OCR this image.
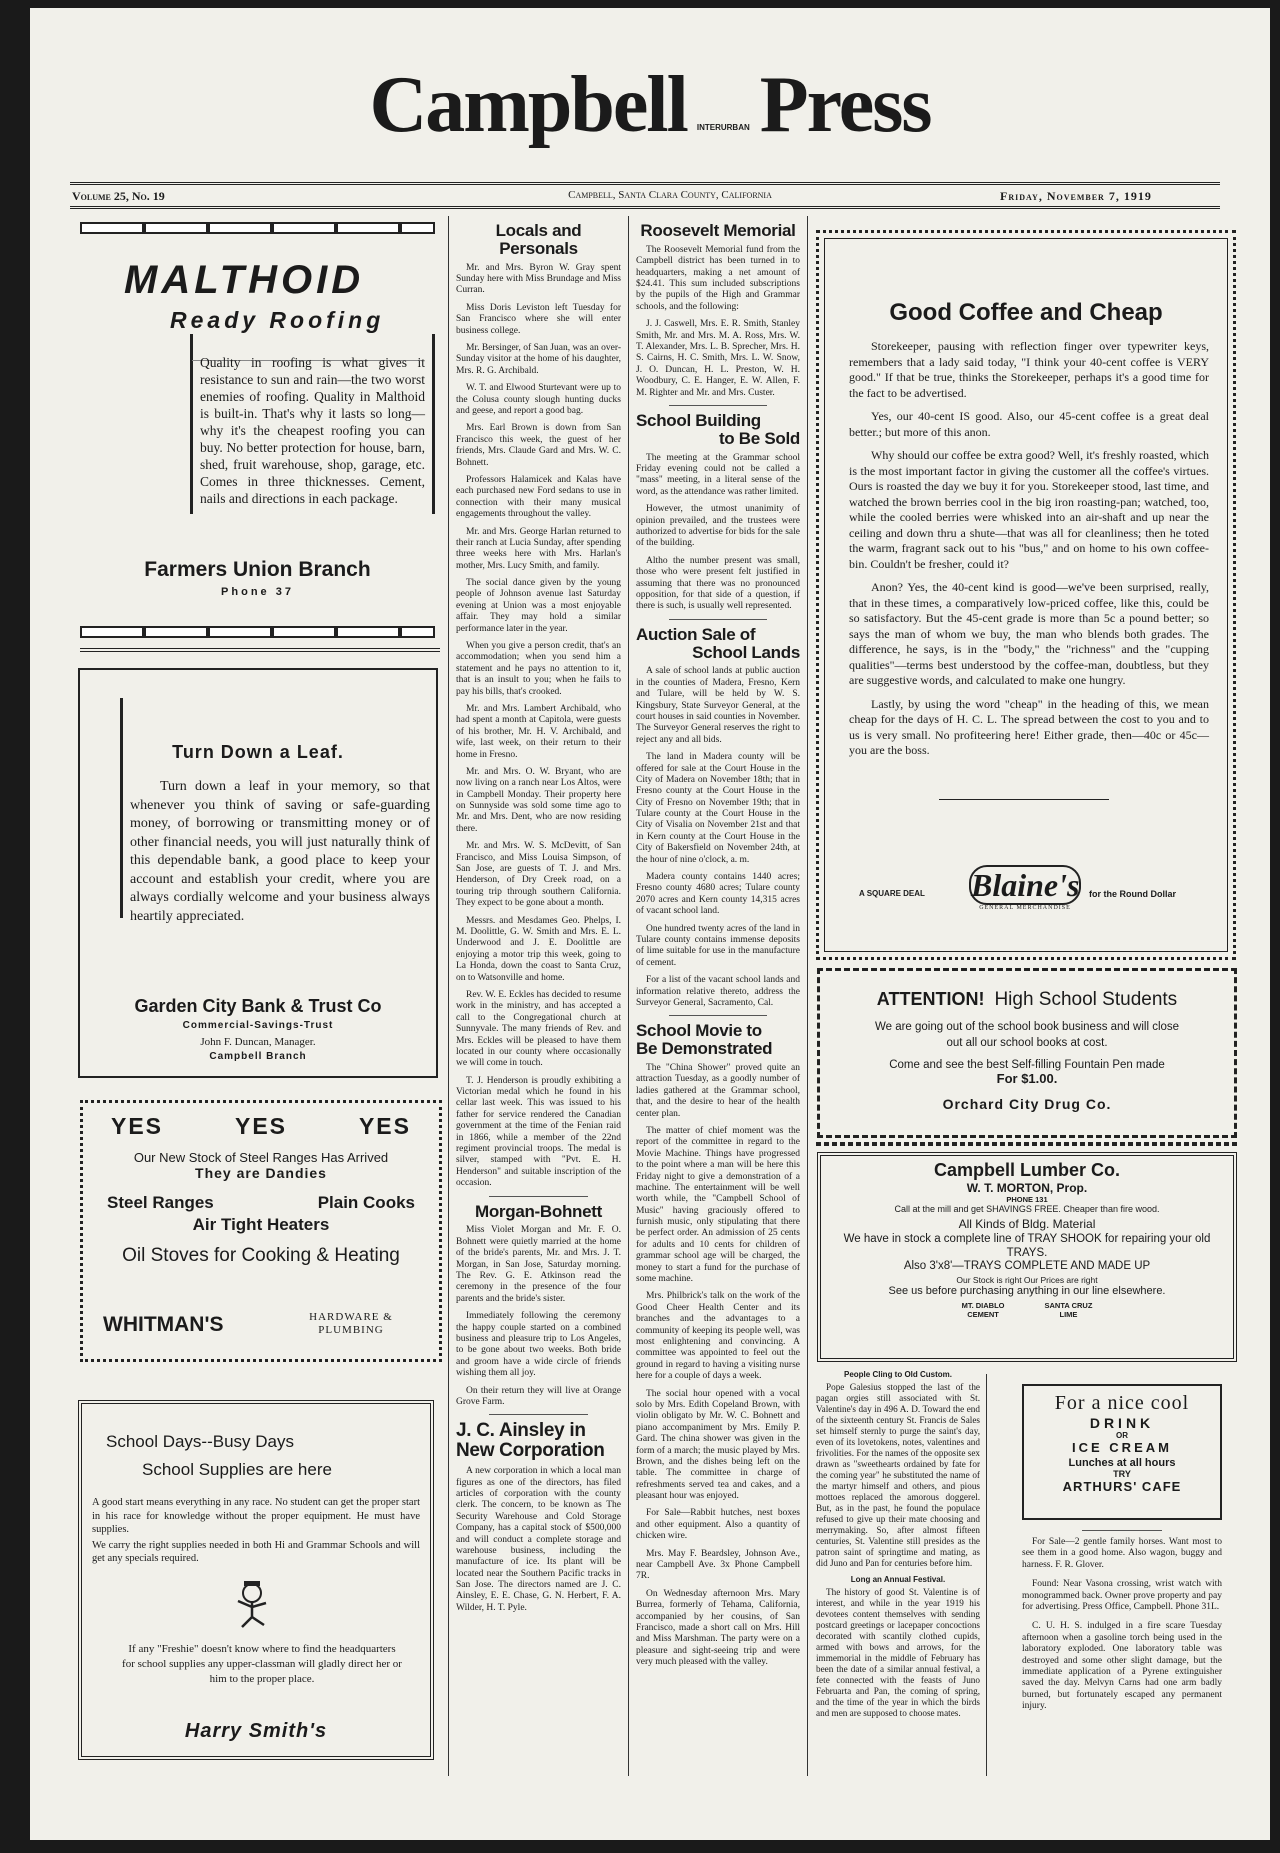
Campbell INTERURBAN Press
Volume 25, No. 19	Campbell, Santa Clara County, California	Friday, November 7, 1919
MALTHOID
Ready Roofing
Quality in roofing is what gives it resistance to sun and rain—the two worst enemies of roofing. Quality in Malthoid is built-in. That's why it lasts so long—why it's the cheapest roofing you can buy. No better protection for house, barn, shed, fruit warehouse, shop, garage, etc. Comes in three thicknesses. Cement, nails and directions in each package.
Farmers Union Branch
Phone 37
Turn Down a Leaf.
Turn down a leaf in your memory, so that whenever you think of saving or safe-guarding money, of borrowing or transmitting money or of other financial needs, you will just naturally think of this dependable bank, a good place to keep your account and establish your credit, where you are always cordially welcome and your business always heartily appreciated.
Garden City Bank & Trust Co
Commercial-Savings-Trust
John F. Duncan, Manager.
Campbell Branch
YES	YES	YES
Our New Stock of Steel Ranges Has Arrived
They are Dandies
Steel Ranges	Plain Cooks
Air Tight Heaters
Oil Stoves for Cooking & Heating
WHITMAN'S	HARDWARE & PLUMBING
School Days--Busy Days
School Supplies are here
A good start means everything in any race. No student can get the proper start in his race for knowledge without the proper equipment. He must have supplies.
We carry the right supplies needed in both Hi and Grammar Schools and will get any specials required.
If any "Freshie" doesn't know where to find the headquarters for school supplies any upper-classman will gladly direct her or him to the proper place.
Harry Smith's
Locals and Personals

Mr. and Mrs. Byron W. Gray spent Sunday here with Miss Brundage and Miss Curran.

Miss Doris Leviston left Tuesday for San Francisco where she will enter business college.

Mr. Bersinger, of San Juan, was an over-Sunday visitor at the home of his daughter, Mrs. R. G. Archibald.

W. T. and Elwood Sturtevant were up to the Colusa county slough hunting ducks and geese, and report a good bag.

Mrs. Earl Brown is down from San Francisco this week, the guest of her friends, Mrs. Claude Gard and Mrs. W. C. Bohnett.

Professors Halamicek and Kalas have each purchased new Ford sedans to use in connection with their many musical engagements throughout the valley.

Mr. and Mrs. George Harlan returned to their ranch at Lucia Sunday, after spending three weeks here with Mrs. Harlan's mother, Mrs. Lucy Smith, and family.

The social dance given by the young people of Johnson avenue last Saturday evening at Union was a most enjoyable affair. They may hold a similar performance later in the year.

When you give a person credit, that's an accommodation; when you send him a statement and he pays no attention to it, that is an insult to you; when he fails to pay his bills, that's crooked.

Mr. and Mrs. Lambert Archibald, who had spent a month at Capitola, were guests of his brother, Mr. H. V. Archibald, and wife, last week, on their return to their home in Fresno.

Mr. and Mrs. O. W. Bryant, who are now living on a ranch near Los Altos, were in Campbell Monday. Their property here on Sunnyside was sold some time ago to Mr. and Mrs. Dent, who are now residing there.

Mr. and Mrs. W. S. McDevitt, of San Francisco, and Miss Louisa Simpson, of San Jose, are guests of T. J. and Mrs. Henderson, of Dry Creek road, on a touring trip through southern California. They expect to be gone about a month.

Messrs. and Mesdames Geo. Phelps, I. M. Doolittle, G. W. Smith and Mrs. E. L. Underwood and J. E. Doolittle are enjoying a motor trip this week, going to La Honda, down the coast to Santa Cruz, on to Watsonville and home.

Rev. W. E. Eckles has decided to resume work in the ministry, and has accepted a call to the Congregational church at Sunnyvale. The many friends of Rev. and Mrs. Eckles will be pleased to have them located in our county where occasionally we will come in touch.

T. J. Henderson is proudly exhibiting a Victorian medal which he found in his cellar last week. This was issued to his father for service rendered the Canadian government at the time of the Fenian raid in 1866, while a member of the 22nd regiment provincial troops. The medal is silver, stamped with "Pvt. E. H. Henderson" and suitable inscription of the occasion.

Morgan-Bohnett

Miss Violet Morgan and Mr. F. O. Bohnett were quietly married at the home of the bride's parents, Mr. and Mrs. J. T. Morgan, in San Jose, Saturday morning. The Rev. G. E. Atkinson read the ceremony in the presence of the four parents and the bride's sister.

Immediately following the ceremony the happy couple started on a combined business and pleasure trip to Los Angeles, to be gone about two weeks. Both bride and groom have a wide circle of friends wishing them all joy.

On their return they will live at Orange Grove Farm.

J. C. Ainsley in New Corporation

A new corporation in which a local man figures as one of the directors, has filed articles of corporation with the county clerk. The concern, to be known as The Security Warehouse and Cold Storage Company, has a capital stock of $500,000 and will conduct a complete storage and warehouse business, including the manufacture of ice. Its plant will be located near the Southern Pacific tracks in San Jose. The directors named are J. C. Ainsley, E. E. Chase, G. N. Herbert, F. A. Wilder, H. T. Pyle.

Roosevelt Memorial

The Roosevelt Memorial fund from the Campbell district has been turned in to headquarters, making a net amount of $24.41. This sum included subscriptions by the pupils of the High and Grammar schools, and the following:

J. J. Caswell, Mrs. E. R. Smith, Stanley Smith, Mr. and Mrs. M. A. Ross, Mrs. W. T. Alexander, Mrs. L. B. Sprecher, Mrs. H. S. Cairns, H. C. Smith, Mrs. L. W. Snow, J. O. Duncan, H. L. Preston, W. H. Woodbury, C. E. Hanger, E. W. Allen, F. M. Righter and Mr. and Mrs. Custer.

School Building
to Be Sold

The meeting at the Grammar school Friday evening could not be called a "mass" meeting, in a literal sense of the word, as the attendance was rather limited.

However, the utmost unanimity of opinion prevailed, and the trustees were authorized to advertise for bids for the sale of the building.

Altho the number present was small, those who were present felt justified in assuming that there was no pronounced opposition, for that side of a question, if there is such, is usually well represented.

Auction Sale of
School Lands

A sale of school lands at public auction in the counties of Madera, Fresno, Kern and Tulare, will be held by W. S. Kingsbury, State Surveyor General, at the court houses in said counties in November. The Surveyor General reserves the right to reject any and all bids.

The land in Madera county will be offered for sale at the Court House in the City of Madera on November 18th; that in Fresno county at the Court House in the City of Fresno on November 19th; that in Tulare county at the Court House in the City of Visalia on November 21st and that in Kern county at the Court House in the City of Bakersfield on November 24th, at the hour of nine o'clock, a. m.

Madera county contains 1440 acres; Fresno county 4680 acres; Tulare county 2070 acres and Kern county 14,315 acres of vacant school land.

One hundred twenty acres of the land in Tulare county contains immense deposits of lime suitable for use in the manufacture of cement.

For a list of the vacant school lands and information relative thereto, address the Surveyor General, Sacramento, Cal.

School Movie to
Be Demonstrated

The "China Shower" proved quite an attraction Tuesday, as a goodly number of ladies gathered at the Grammar school, that, and the desire to hear of the health center plan.

The matter of chief moment was the report of the committee in regard to the Movie Machine. Things have progressed to the point where a man will be here this Friday night to give a demonstration of a machine. The entertainment will be well worth while, the "Campbell School of Music" having graciously offered to furnish music, only stipulating that there be perfect order. An admission of 25 cents for adults and 10 cents for children of grammar school age will be charged, the money to start a fund for the purchase of some machine.

Mrs. Philbrick's talk on the work of the Good Cheer Health Center and its branches and the advantages to a community of keeping its people well, was most enlightening and convincing. A committee was appointed to feel out the ground in regard to having a visiting nurse here for a couple of days a week.

The social hour opened with a vocal solo by Mrs. Edith Copeland Brown, with violin obligato by Mr. W. C. Bohnett and piano accompaniment by Mrs. Emily P. Gard. The china shower was given in the form of a march; the music played by Mrs. Brown, and the dishes being left on the table. The committee in charge of refreshments served tea and cakes, and a pleasant hour was enjoyed.

For Sale—Rabbit hutches, nest boxes and other equipment. Also a quantity of chicken wire.

Mrs. May F. Beardsley, Johnson Ave., near Campbell Ave. 3x Phone Campbell 7R.

On Wednesday afternoon Mrs. Mary Burrea, formerly of Tehama, California, accompanied by her cousins, of San Francisco, made a short call on Mrs. Hill and Miss Marshman. The party were on a pleasure and sight-seeing trip and were very much pleased with the valley.

Good Coffee and Cheap

Storekeeper, pausing with reflection finger over typewriter keys, remembers that a lady said today, "I think your 40-cent coffee is VERY good." If that be true, thinks the Storekeeper, perhaps it's a good time for the fact to be advertised.

Yes, our 40-cent IS good. Also, our 45-cent coffee is a great deal better.; but more of this anon.

Why should our coffee be extra good? Well, it's freshly roasted, which is the most important factor in giving the customer all the coffee's virtues. Ours is roasted the day we buy it for you. Storekeeper stood, last time, and watched the brown berries cool in the big iron roasting-pan; watched, too, while the cooled berries were whisked into an air-shaft and up near the ceiling and down thru a shute—that was all for cleanliness; then he toted the warm, fragrant sack out to his "bus," and on home to his own coffee-bin. Couldn't be fresher, could it?

Anon? Yes, the 40-cent kind is good—we've been surprised, really, that in these times, a comparatively low-priced coffee, like this, could be so satisfactory. But the 45-cent grade is more than 5c a pound better; so says the man of whom we buy, the man who blends both grades. The difference, he says, is in the "body," the "richness" and the "cupping qualities"—terms best understood by the coffee-man, doubtless, but they are suggestive words, and calculated to make one hungry.

Lastly, by using the word "cheap" in the heading of this, we mean cheap for the days of H. C. L. The spread between the cost to you and to us is very small. No profiteering here! Either grade, then—40c or 45c—you are the boss.

A SQUARE DEAL Blaine's
GENERAL MERCHANDISE
for the Round Dollar
ATTENTION! High School Students
We are going out of the school book business and will close out all our school books at cost.
Come and see the best Self-filling Fountain Pen made
For $1.00.
Orchard City Drug Co.
Campbell Lumber Co.
W. T. MORTON, Prop.
PHONE 131
Call at the mill and get SHAVINGS FREE. Cheaper than fire wood.
All Kinds of Bldg. Material
We have in stock a complete line of TRAY SHOOK for repairing your old TRAYS.
Also 3'x8'—TRAYS COMPLETE AND MADE UP
Our Stock is right Our Prices are right
See us before purchasing anything in our line elsewhere.
MT. DIABLO
CEMENT
SANTA CRUZ
LIME
People Cling to Old Custom.

Pope Galesius stopped the last of the pagan orgies still associated with St. Valentine's day in 496 A. D. Toward the end of the sixteenth century St. Francis de Sales set himself sternly to purge the saint's day, even of its lovetokens, notes, valentines and frivolities. For the names of the opposite sex drawn as "sweethearts ordained by fate for the coming year" he substituted the name of the martyr himself and others, and pious mottoes replaced the amorous doggerel. But, as in the past, he found the populace refused to give up their mate choosing and merrymaking. So, after almost fifteen centuries, St. Valentine still presides as the patron saint of springtime and mating, as did Juno and Pan for centuries before him.

Long an Annual Festival.

The history of good St. Valentine is of interest, and while in the year 1919 his devotees content themselves with sending postcard greetings or lacepaper concoctions decorated with scantily clothed cupids, armed with bows and arrows, for the immemorial in the middle of February has been the date of a similar annual festival, a fete connected with the feasts of Juno Februarta and Pan, the coming of spring, and the time of the year in which the birds and men are supposed to choose mates.

For a nice cool
DRINK
OR
ICE CREAM
Lunches at all hours
TRY
ARTHURS' CAFE

For Sale—2 gentle family horses. Want most to see them in a good home. Also wagon, buggy and harness. F. R. Glover.

Found: Near Vasona crossing, wrist watch with monogrammed back. Owner prove property and pay for advertising. Press Office, Campbell. Phone 31L.

C. U. H. S. indulged in a fire scare Tuesday afternoon when a gasoline torch being used in the laboratory exploded. One laboratory table was destroyed and some other slight damage, but the immediate application of a Pyrene extinguisher saved the day. Melvyn Carns had one arm badly burned, but fortunately escaped any permanent injury.
